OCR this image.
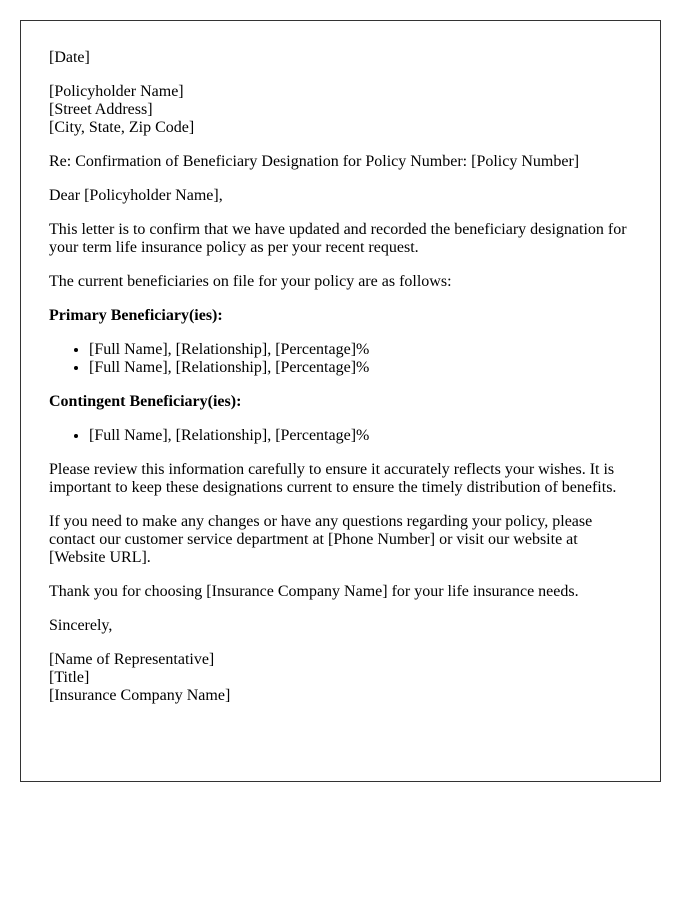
[Date]

[Policyholder Name]
[Street Address]
[City, State, Zip Code]

Re: Confirmation of Beneficiary Designation for Policy Number: [Policy Number]

Dear [Policyholder Name],

This letter is to confirm that we have updated and recorded the beneficiary designation for
your term life insurance policy as per your recent request.

The current beneficiaries on file for your policy are as follows:

Primary Beneficiary(ies):

• [Full Name], [Relationship], [Percentage]%
• [Full Name], [Relationship], [Percentage]%

Contingent Beneficiary(ies):

• [Full Name], [Relationship], [Percentage]%

Please review this information carefully to ensure it accurately reflects your wishes. It is
important to keep these designations current to ensure the timely distribution of benefits.

If you need to make any changes or have any questions regarding your policy, please
contact our customer service department at [Phone Number] or visit our website at
[Website URL].

Thank you for choosing [Insurance Company Name] for your life insurance needs.

Sincerely,

[Name of Representative]
[Title]
[Insurance Company Name]
